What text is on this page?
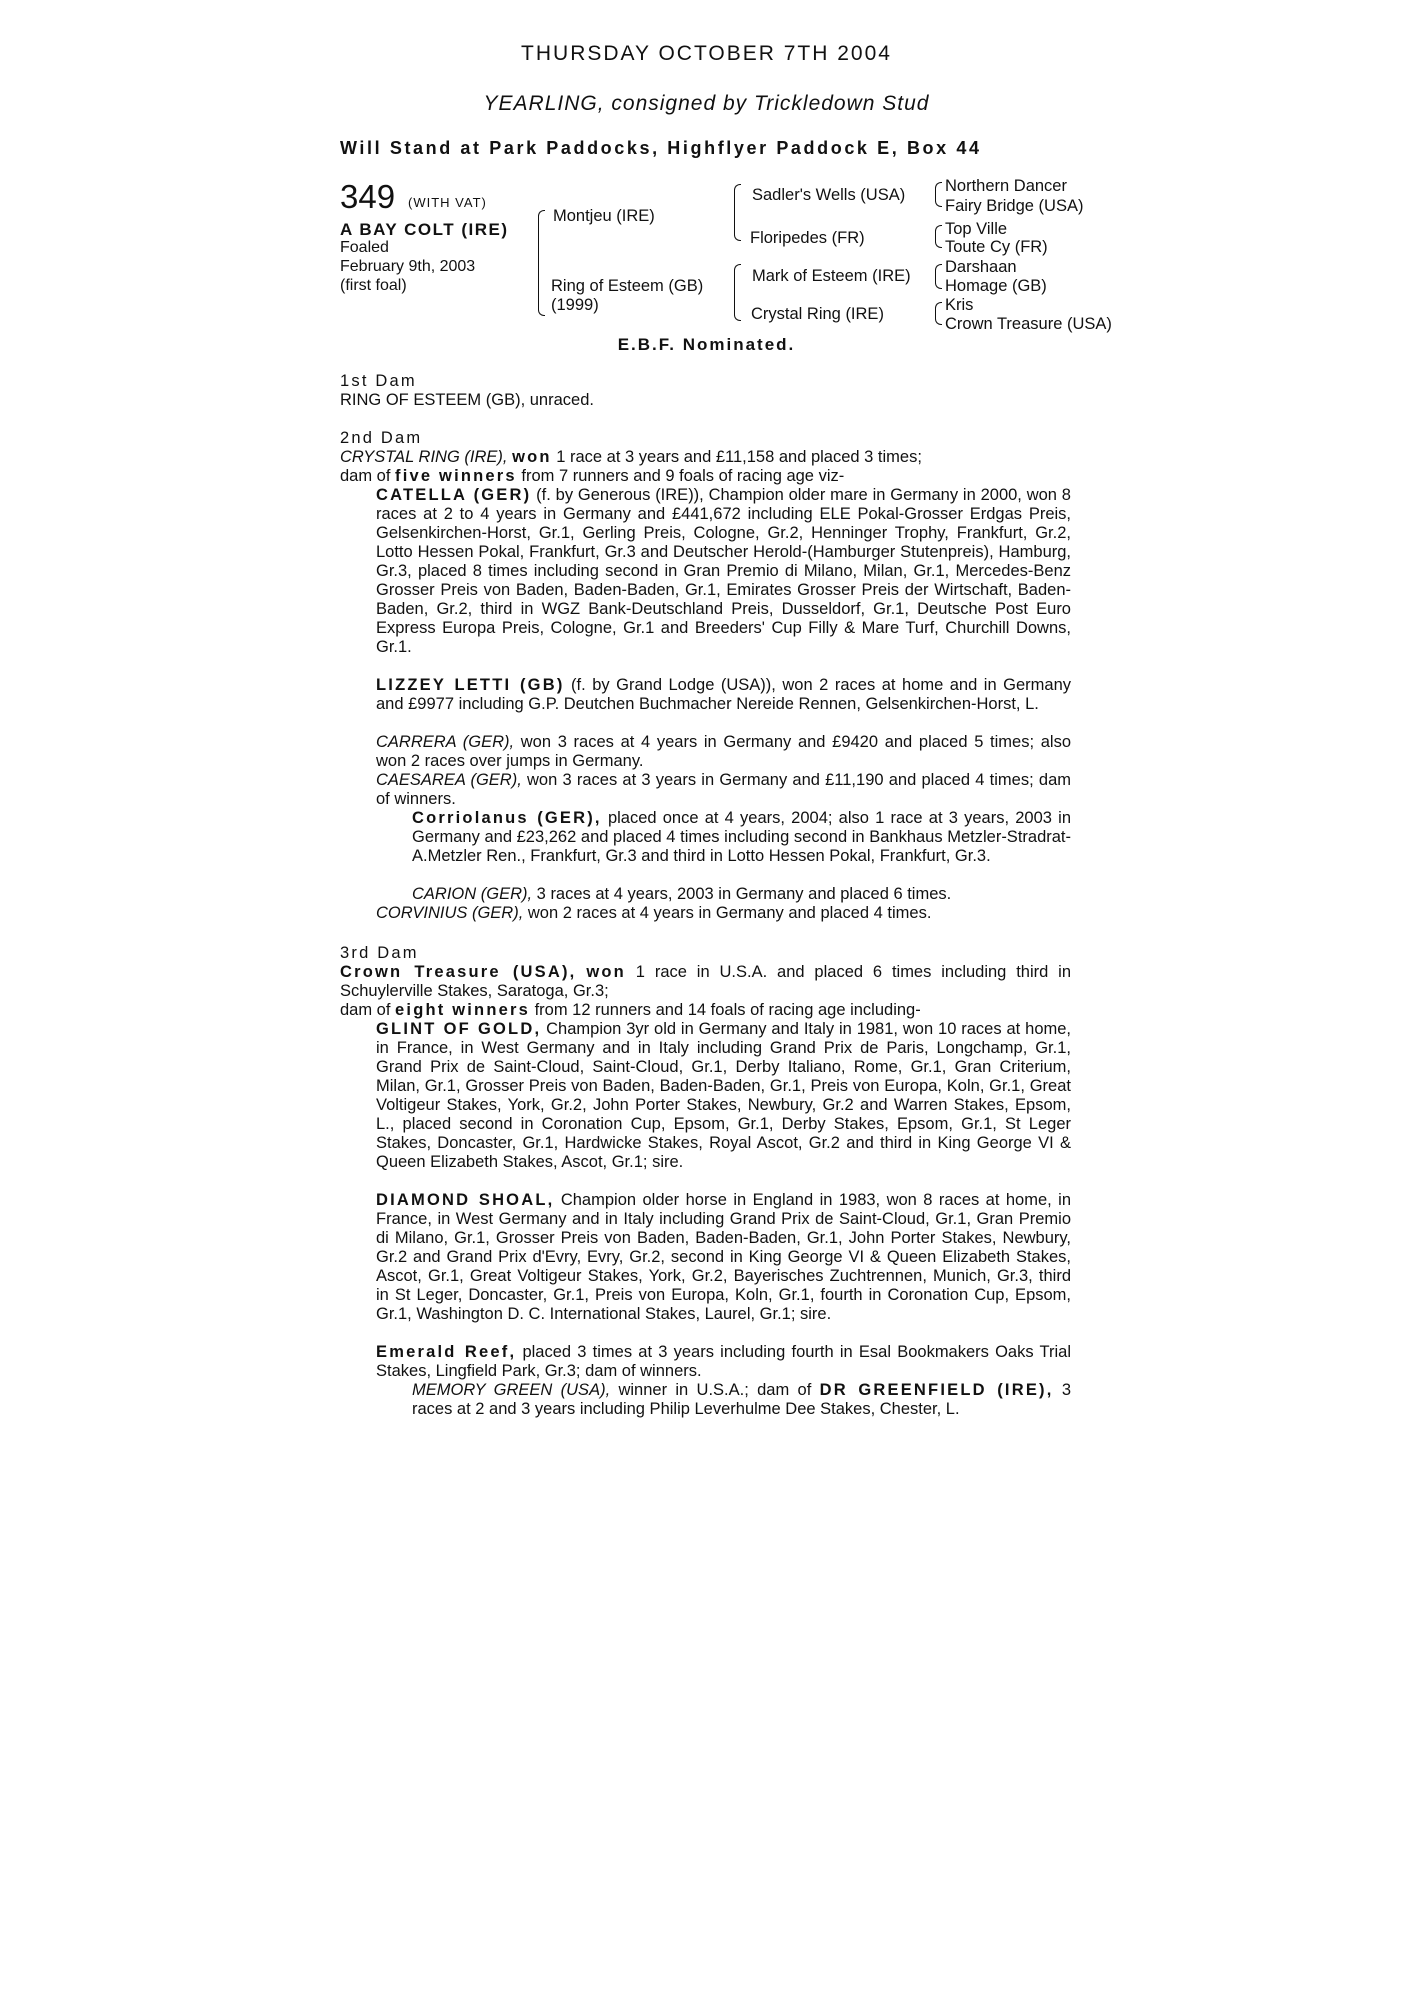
THURSDAY OCTOBER 7TH 2004
YEARLING, consigned by Trickledown Stud
Will Stand at Park Paddocks, Highflyer Paddock E, Box 44
349 (WITH VAT)
A BAY COLT (IRE)
Foaled
February 9th, 2003
(first foal)
Montjeu (IRE)
Ring of Esteem (GB)
(1999)
Sadler's Wells (USA)
Floripedes (FR)
Mark of Esteem (IRE)
Crystal Ring (IRE)
Northern Dancer
Fairy Bridge (USA)
Top Ville
Toute Cy (FR)
Darshaan
Homage (GB)
Kris
Crown Treasure (USA)
E.B.F. Nominated.
1st Dam
RING OF ESTEEM (GB), unraced.
2nd Dam
CRYSTAL RING (IRE), won 1 race at 3 years and £11,158 and placed 3 times;
dam of five winners from 7 runners and 9 foals of racing age viz-
CATELLA (GER) (f. by Generous (IRE)), Champion older mare in Germany in 2000, won 8 races at 2 to 4 years in Germany and £441,672 including ELE Pokal-Grosser Erdgas Preis, Gelsenkirchen-Horst, Gr.1, Gerling Preis, Cologne, Gr.2, Henninger Trophy, Frankfurt, Gr.2, Lotto Hessen Pokal, Frankfurt, Gr.3 and Deutscher Herold-(Hamburger Stutenpreis), Hamburg, Gr.3, placed 8 times including second in Gran Premio di Milano, Milan, Gr.1, Mercedes-Benz Grosser Preis von Baden, Baden-Baden, Gr.1, Emirates Grosser Preis der Wirtschaft, Baden-Baden, Gr.2, third in WGZ Bank-Deutschland Preis, Dusseldorf, Gr.1, Deutsche Post Euro Express Europa Preis, Cologne, Gr.1 and Breeders' Cup Filly & Mare Turf, Churchill Downs, Gr.1.
LIZZEY LETTI (GB) (f. by Grand Lodge (USA)), won 2 races at home and in Germany and £9977 including G.P. Deutchen Buchmacher Nereide Rennen, Gelsenkirchen-Horst, L.
CARRERA (GER), won 3 races at 4 years in Germany and £9420 and placed 5 times; also won 2 races over jumps in Germany.
CAESAREA (GER), won 3 races at 3 years in Germany and £11,190 and placed 4 times; dam of winners.
Corriolanus (GER), placed once at 4 years, 2004; also 1 race at 3 years, 2003 in Germany and £23,262 and placed 4 times including second in Bankhaus Metzler-Stradrat-A.Metzler Ren., Frankfurt, Gr.3 and third in Lotto Hessen Pokal, Frankfurt, Gr.3.
CARION (GER), 3 races at 4 years, 2003 in Germany and placed 6 times.
CORVINIUS (GER), won 2 races at 4 years in Germany and placed 4 times.
3rd Dam
Crown Treasure (USA), won 1 race in U.S.A. and placed 6 times including third in Schuylerville Stakes, Saratoga, Gr.3;
dam of eight winners from 12 runners and 14 foals of racing age including-
GLINT OF GOLD, Champion 3yr old in Germany and Italy in 1981, won 10 races at home, in France, in West Germany and in Italy including Grand Prix de Paris, Longchamp, Gr.1, Grand Prix de Saint-Cloud, Saint-Cloud, Gr.1, Derby Italiano, Rome, Gr.1, Gran Criterium, Milan, Gr.1, Grosser Preis von Baden, Baden-Baden, Gr.1, Preis von Europa, Koln, Gr.1, Great Voltigeur Stakes, York, Gr.2, John Porter Stakes, Newbury, Gr.2 and Warren Stakes, Epsom, L., placed second in Coronation Cup, Epsom, Gr.1, Derby Stakes, Epsom, Gr.1, St Leger Stakes, Doncaster, Gr.1, Hardwicke Stakes, Royal Ascot, Gr.2 and third in King George VI & Queen Elizabeth Stakes, Ascot, Gr.1; sire.
DIAMOND SHOAL, Champion older horse in England in 1983, won 8 races at home, in France, in West Germany and in Italy including Grand Prix de Saint-Cloud, Gr.1, Gran Premio di Milano, Gr.1, Grosser Preis von Baden, Baden-Baden, Gr.1, John Porter Stakes, Newbury, Gr.2 and Grand Prix d'Evry, Evry, Gr.2, second in King George VI & Queen Elizabeth Stakes, Ascot, Gr.1, Great Voltigeur Stakes, York, Gr.2, Bayerisches Zuchtrennen, Munich, Gr.3, third in St Leger, Doncaster, Gr.1, Preis von Europa, Koln, Gr.1, fourth in Coronation Cup, Epsom, Gr.1, Washington D. C. International Stakes, Laurel, Gr.1; sire.
Emerald Reef, placed 3 times at 3 years including fourth in Esal Bookmakers Oaks Trial Stakes, Lingfield Park, Gr.3; dam of winners.
MEMORY GREEN (USA), winner in U.S.A.; dam of DR GREENFIELD (IRE), 3 races at 2 and 3 years including Philip Leverhulme Dee Stakes, Chester, L.
